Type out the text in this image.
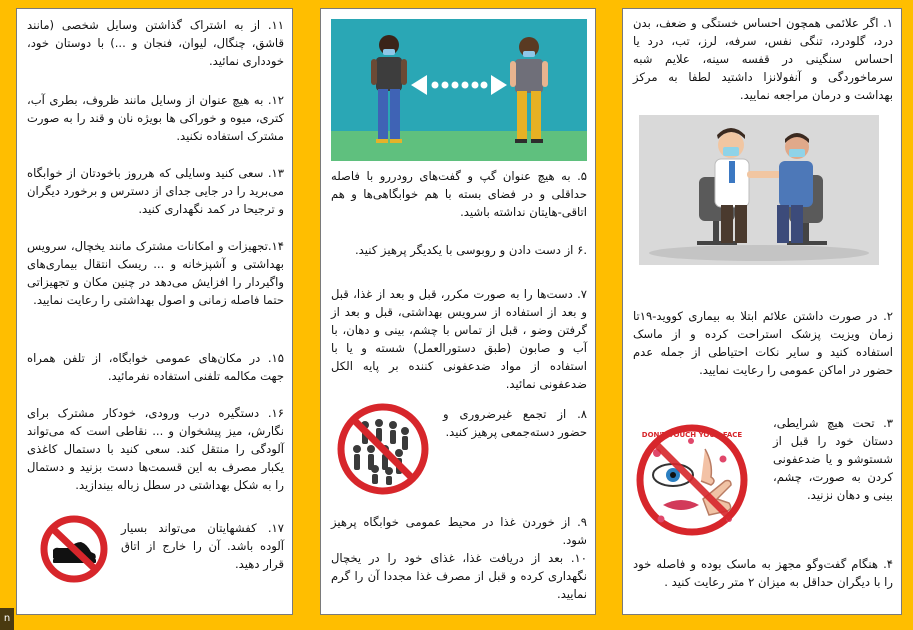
۱۱. از به اشتراک گذاشتن وسایل شخصی (مانند قاشق، چنگال، لیوان، فنجان و ...) با دوستان خود، خودداری نمائید.

۱۲. به هیچ عنوان از وسایل مانند ظروف، بطری آب، کتری، میوه و خوراکی ها بویژه نان و قند را به صورت مشترک استفاده نکنید.

۱۳. سعی کنید وسایلی که هرروز باخودتان از خوابگاه می‌برید را در جایی جدای از دسترس و برخورد دیگران و ترجیحا در کمد نگهداری کنید.

۱۴.تجهیزات و امکانات مشترک مانند یخچال، سرویس بهداشتی و آشپزخانه و ... ریسک انتقال بیماری‌های واگیردار را افزایش می‌دهد در چنین مکان و تجهیزاتی حتما فاصله زمانی و اصول بهداشتی را رعایت نمایید.

۱۵. در مکان‌های عمومی خوابگاه، از تلفن همراه جهت مکالمه تلفنی استفاده نفرمائید.

۱۶. دستگیره درب ورودی، خودکار مشترک برای نگارش، میز پیشخوان و ... نقاطی است که می‌تواند آلودگی را منتقل کند. سعی کنید با دستمال کاغذی یکبار مصرف به این قسمت‌ها دست بزنید و دستمال را به شکل بهداشتی در سطل زباله بیندازید.

۱۷. کفشهایتان می‌تواند بسیار آلوده باشد. آن را خارج از اتاق قرار دهید.

۵. به هیچ عنوان گپ و گفت‌های رودررو با فاصله حداقلی و در فضای بسته با هم خوابگاهی‌ها و هم اتاقی-هایتان نداشته باشید.

.۶ از دست دادن و روبوسی با یکدیگر پرهیز کنید.

۷. دست‌ها را به صورت مکرر، قبل و بعد از غذا، قبل و بعد از استفاده از سرویس بهداشتی، قبل و بعد از گرفتن وضو ، قبل از تماس با چشم، بینی و دهان، با آب و صابون (طبق دستورالعمل) شسته و یا با استفاده از مواد ضدعفونی کننده بر پایه الکل ضدعفونی نمائید.

۸. از تجمع غیرضروری و حضور دسته‌جمعی پرهیز کنید.

۹. از خوردن غذا در محیط عمومی خوابگاه پرهیز شود.

۱۰. بعد از دریافت غذا، غذای خود را در یخچال نگهداری کرده و قبل از مصرف غذا مجددا آن را گرم نمایید.

۱. اگر علائمی همچون احساس خستگی و ضعف، بدن درد، گلودرد، تنگی نفس، سرفه، لرز، تب، درد یا احساس سنگینی در قفسه سینه، علایم شبه سرماخوردگی و آنفولانزا داشتید لطفا به مرکز بهداشت و درمان مراجعه نمایید.

۲. در صورت داشتن علائم ابتلا به بیماری کووید-۱۹تا زمان ویزیت پزشک استراحت کرده و از ماسک استفاده کنید و سایر نکات احتیاطی از جمله عدم حضور در اماکن عمومی را رعایت نمایید.

DON'T TOUCH YOUR FACE

۳. تحت هیچ شرایطی، دستان خود را قبل از شستوشو و یا ضدعفونی کردن به صورت، چشم، بینی و دهان نزنید.

۴. هنگام گفت‌وگو مجهز به ماسک بوده و فاصله خود را با دیگران حداقل به میزان ۲ متر رعایت کنید .

n
